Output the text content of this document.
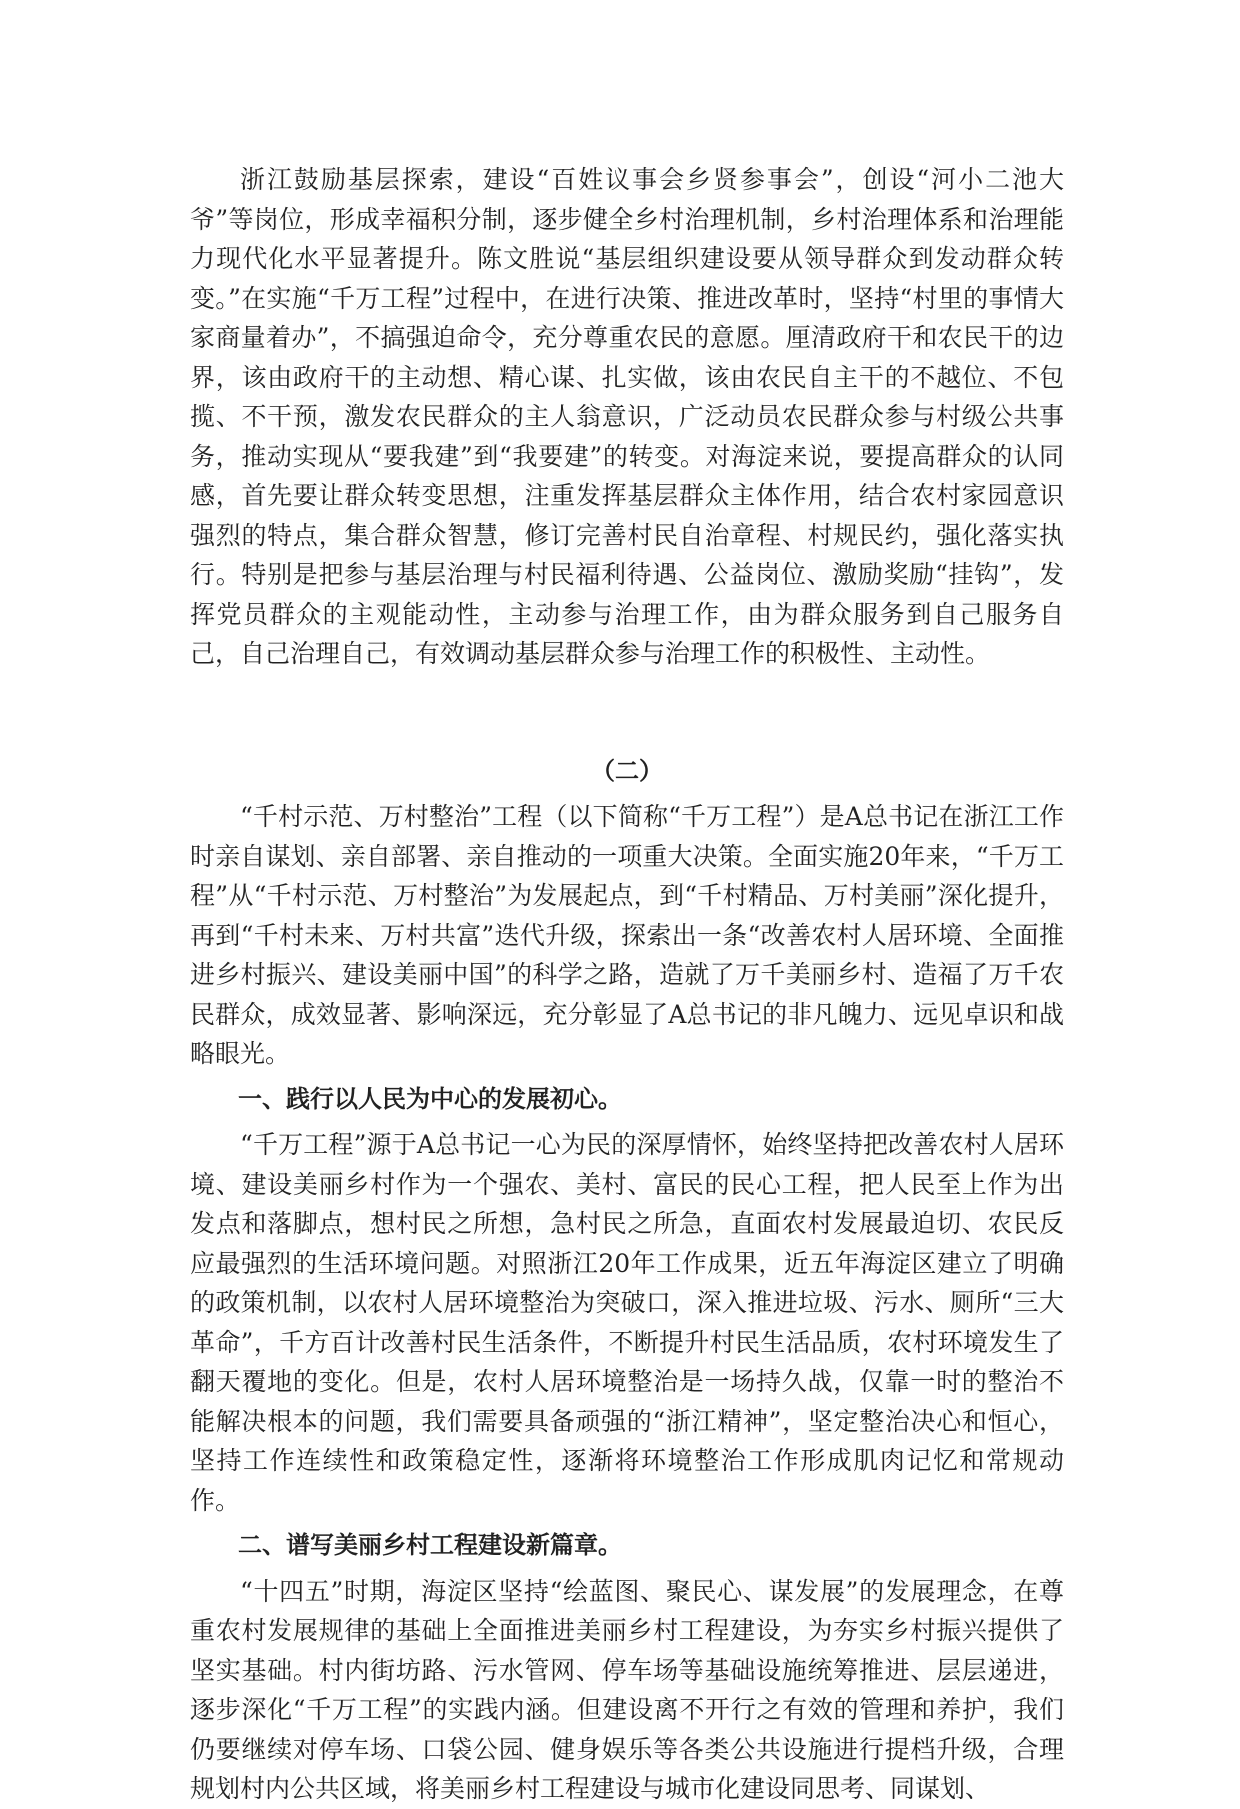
浙江鼓励基层探索，建设“百姓议事会乡贤参事会”，创设“河小二池大爷”等岗位，形成幸福积分制，逐步健全乡村治理机制，乡村治理体系和治理能力现代化水平显著提升。陈文胜说“基层组织建设要从领导群众到发动群众转变。”在实施“千万工程”过程中，在进行决策、推进改革时，坚持“村里的事情大家商量着办”，不搞强迫命令，充分尊重农民的意愿。厘清政府干和农民干的边界，该由政府干的主动想、精心谋、扎实做，该由农民自主干的不越位、不包揽、不干预，激发农民群众的主人翁意识，广泛动员农民群众参与村级公共事务，推动实现从“要我建”到“我要建”的转变。对海淀来说，要提高群众的认同感，首先要让群众转变思想，注重发挥基层群众主体作用，结合农村家园意识强烈的特点，集合群众智慧，修订完善村民自治章程、村规民约，强化落实执行。特别是把参与基层治理与村民福利待遇、公益岗位、激励奖励“挂钩”，发挥党员群众的主观能动性，主动参与治理工作，由为群众服务到自己服务自己，自己治理自己，有效调动基层群众参与治理工作的积极性、主动性。

（二）

“千村示范、万村整治”工程（以下简称“千万工程”）是A总书记在浙江工作时亲自谋划、亲自部署、亲自推动的一项重大决策。全面实施20年来，“千万工程”从“千村示范、万村整治”为发展起点，到“千村精品、万村美丽”深化提升，再到“千村未来、万村共富”迭代升级，探索出一条“改善农村人居环境、全面推进乡村振兴、建设美丽中国”的科学之路，造就了万千美丽乡村、造福了万千农民群众，成效显著、影响深远，充分彰显了A总书记的非凡魄力、远见卓识和战略眼光。

一、践行以人民为中心的发展初心。

“千万工程”源于A总书记一心为民的深厚情怀，始终坚持把改善农村人居环境、建设美丽乡村作为一个强农、美村、富民的民心工程，把人民至上作为出发点和落脚点，想村民之所想，急村民之所急，直面农村发展最迫切、农民反应最强烈的生活环境问题。对照浙江20年工作成果，近五年海淀区建立了明确的政策机制，以农村人居环境整治为突破口，深入推进垃圾、污水、厕所“三大革命”，千方百计改善村民生活条件，不断提升村民生活品质，农村环境发生了翻天覆地的变化。但是，农村人居环境整治是一场持久战，仅靠一时的整治不能解决根本的问题，我们需要具备顽强的“浙江精神”，坚定整治决心和恒心，坚持工作连续性和政策稳定性，逐渐将环境整治工作形成肌肉记忆和常规动作。

二、谱写美丽乡村工程建设新篇章。

“十四五”时期，海淀区坚持“绘蓝图、聚民心、谋发展”的发展理念，在尊重农村发展规律的基础上全面推进美丽乡村工程建设，为夯实乡村振兴提供了坚实基础。村内街坊路、污水管网、停车场等基础设施统筹推进、层层递进，逐步深化“千万工程”的实践内涵。但建设离不开行之有效的管理和养护，我们仍要继续对停车场、口袋公园、健身娱乐等各类公共设施进行提档升级，合理规划村内公共区域，将美丽乡村工程建设与城市化建设同思考、同谋划、
